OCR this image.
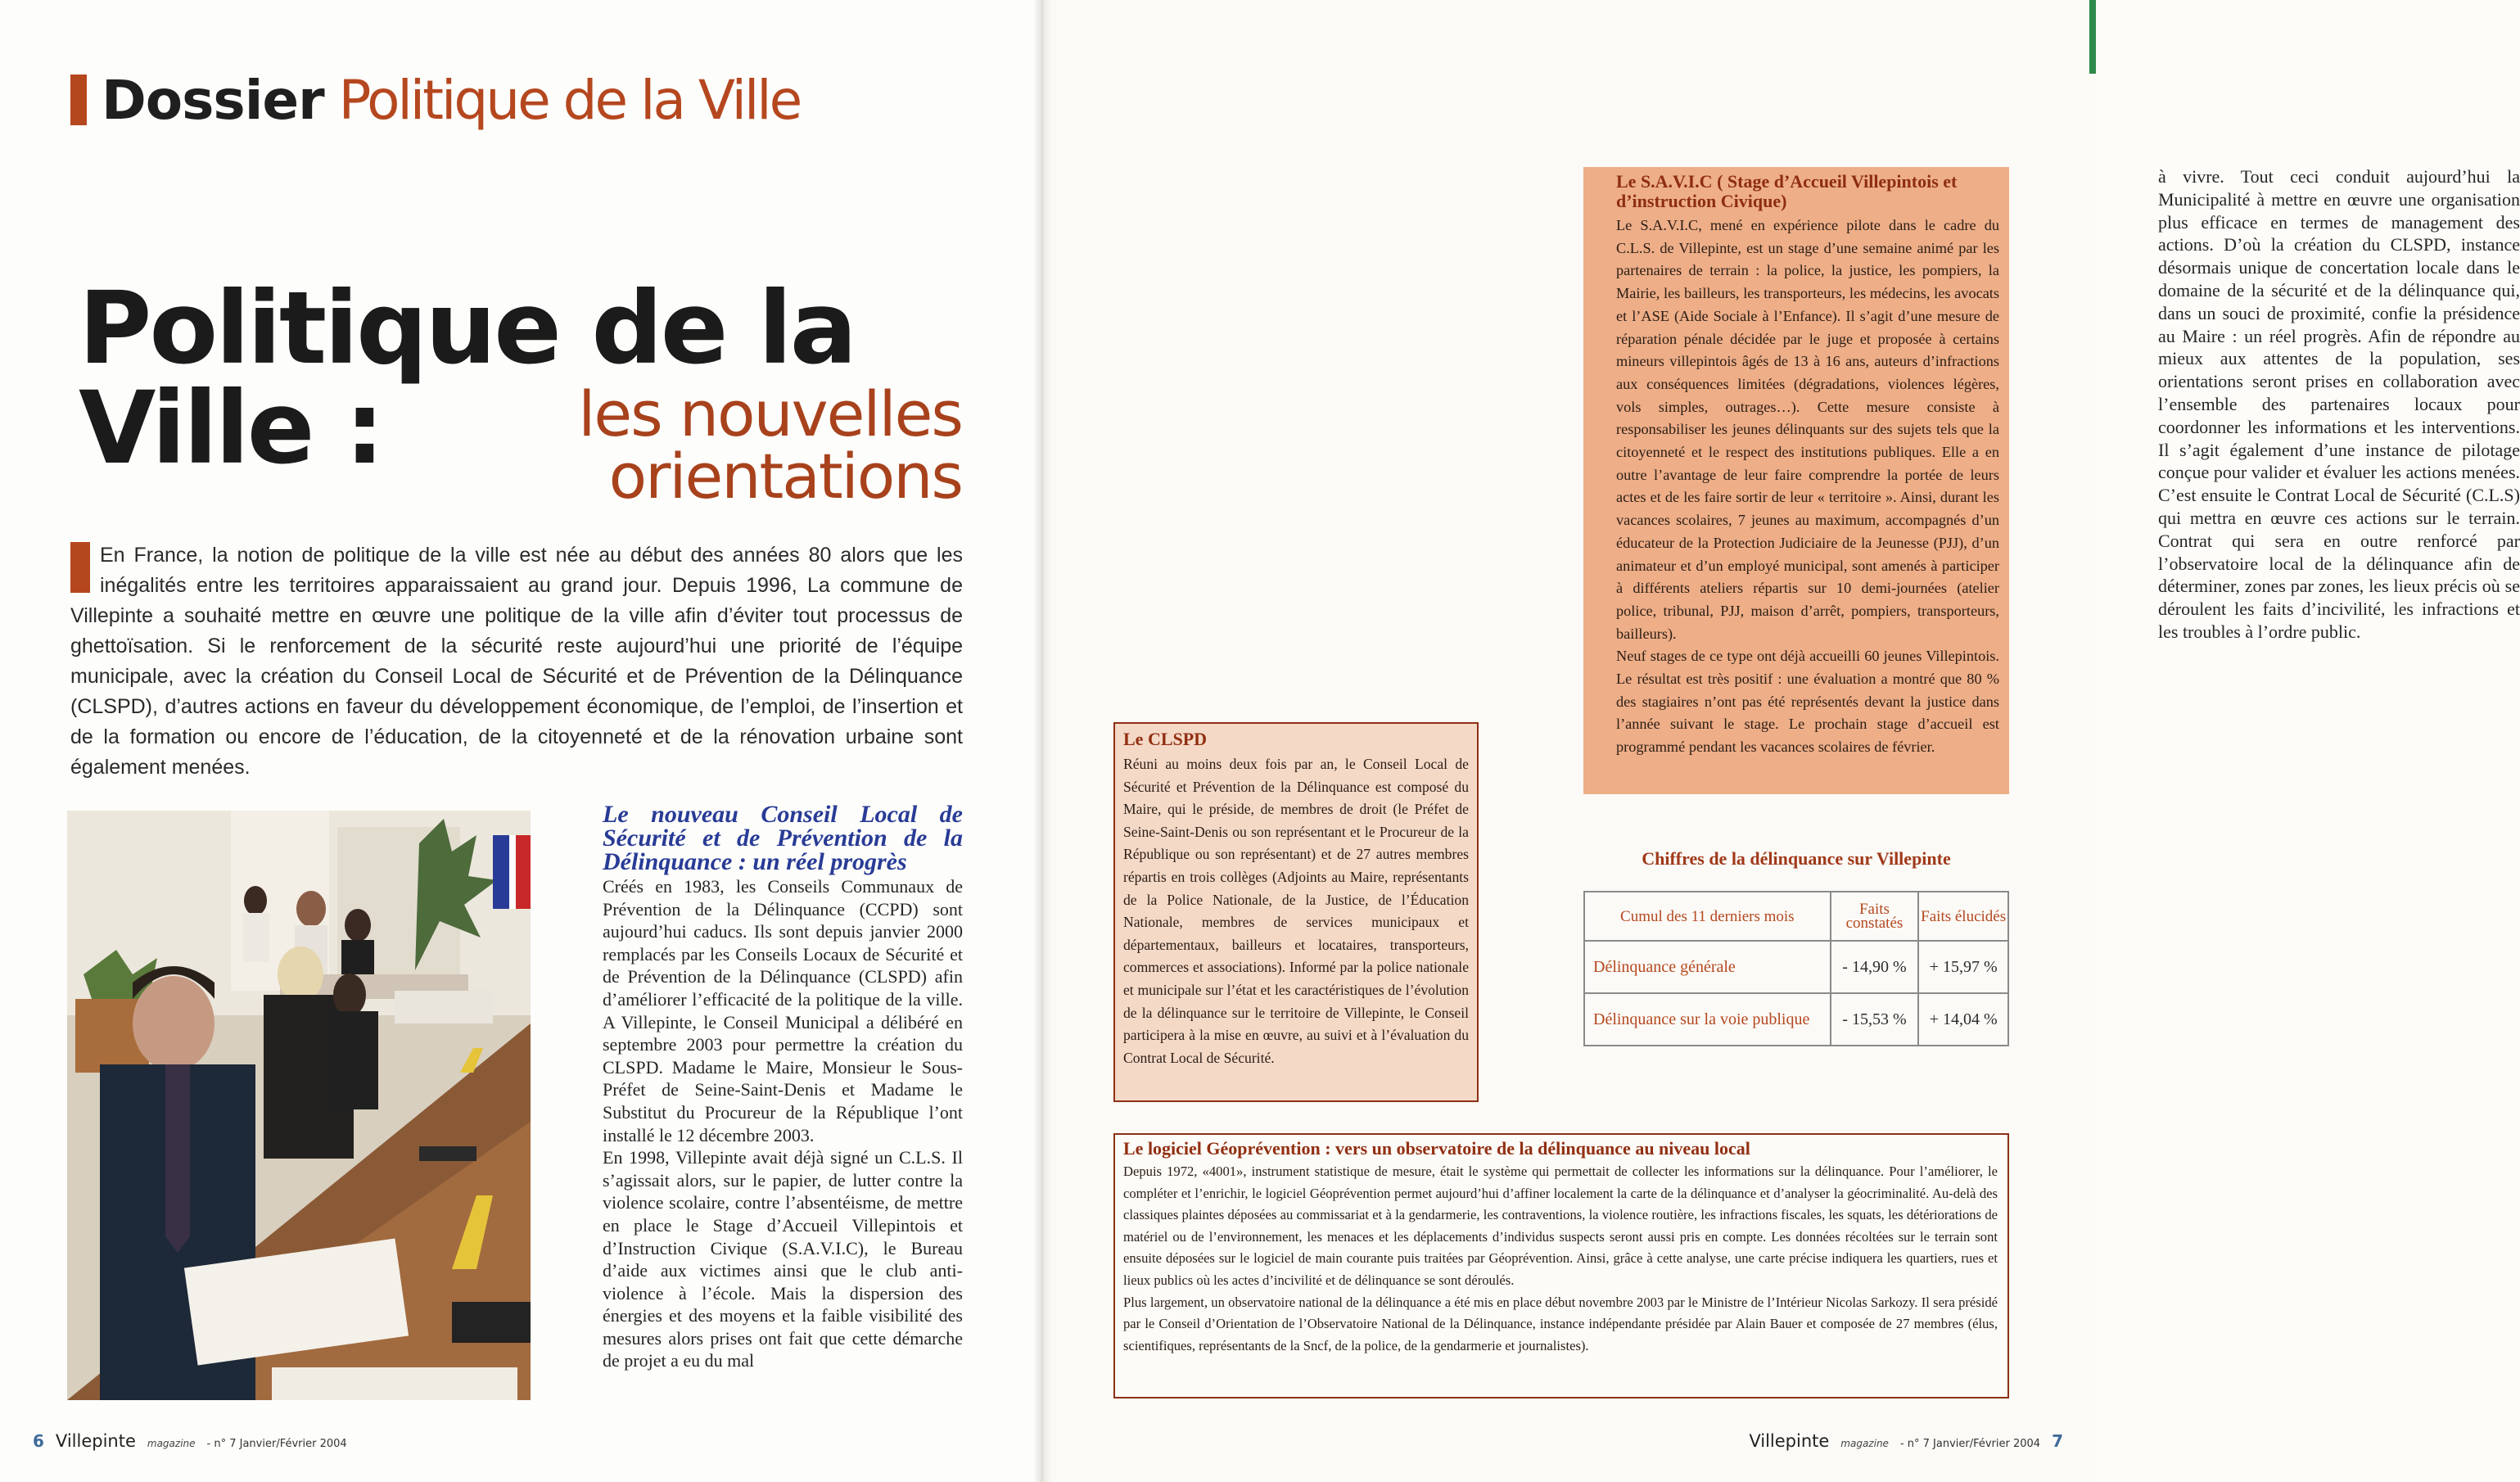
Dossier Politique de la Ville
Politique de la Ville :	les nouvelles orientations

En France, la notion de politique de la ville est née au début des années 80 alors que les inégalités entre les territoires apparaissaient au grand jour. Depuis 1996, La commune de Villepinte a souhaité mettre en œuvre une politique de la ville afin d’éviter tout processus de ghettoïsation. Si le renforcement de la sécurité reste aujourd’hui une priorité de l’équipe municipale, avec la création du Conseil Local de Sécurité et de Prévention de la Délinquance (CLSPD), d’autres actions en faveur du développement économique, de l’emploi, de l’insertion et de la formation ou encore de l’éducation, de la citoyenneté et de la rénovation urbaine sont également menées.

Le nouveau Conseil Local de Sécurité et de Prévention de la Délinquance : un réel progrès

Créés en 1983, les Conseils Communaux de Prévention de la Délinquance (CCPD) sont aujourd’hui caducs. Ils sont depuis janvier 2000 remplacés par les Conseils Locaux de Sécurité et de Prévention de la Délinquance (CLSPD) afin d’améliorer l’efficacité de la politique de la ville. A Villepinte, le Conseil Municipal a délibéré en septembre 2003 pour permettre la création du CLSPD. Madame le Maire, Monsieur le Sous-Préfet de Seine-Saint-Denis et Madame le Substitut du Procureur de la République l’ont installé le 12 décembre 2003.

En 1998, Villepinte avait déjà signé un C.L.S. Il s’agissait alors, sur le papier, de lutter contre la violence scolaire, contre l’absentéisme, de mettre en place le Stage d’Accueil Villepintois et d’Instruction Civique (S.A.V.I.C), le Bureau d’aide aux victimes ainsi que le club anti-violence à l’école. Mais la dispersion des énergies et des moyens et la faible visibilité des mesures alors prises ont fait que cette démarche de projet a eu du mal

6 Villepinte magazine - n° 7 Janvier/Février 2004

à vivre. Tout ceci conduit aujourd’hui la Municipalité à mettre en œuvre une organisation plus efficace en termes de management des actions. D’où la création du CLSPD, instance désormais unique de concertation locale dans le domaine de la sécurité et de la délinquance qui, dans un souci de proximité, confie la présidence au Maire : un réel progrès. Afin de répondre au mieux aux attentes de la population, ses orientations seront prises en collaboration avec l’ensemble des partenaires locaux pour coordonner les informations et les interventions. Il s’agit également d’une instance de pilotage conçue pour valider et évaluer les actions menées. C’est ensuite le Contrat Local de Sécurité (C.L.S) qui mettra en œuvre ces actions sur le terrain. Contrat qui sera en outre renforcé par l’observatoire local de la délinquance afin de déterminer, zones par zones, les lieux précis où se déroulent les faits d’incivilité, les infractions et les troubles à l’ordre public.

Le S.A.V.I.C ( Stage d’Accueil Villepintois et d’instruction Civique)

Le S.A.V.I.C, mené en expérience pilote dans le cadre du C.L.S. de Villepinte, est un stage d’une semaine animé par les partenaires de terrain : la police, la justice, les pompiers, la Mairie, les bailleurs, les transporteurs, les médecins, les avocats et l’ASE (Aide Sociale à l’Enfance). Il s’agit d’une mesure de réparation pénale décidée par le juge et proposée à certains mineurs villepintois âgés de 13 à 16 ans, auteurs d’infractions aux conséquences limitées (dégradations, violences légères, vols simples, outrages…). Cette mesure consiste à responsabiliser les jeunes délinquants sur des sujets tels que la citoyenneté et le respect des institutions publiques. Elle a en outre l’avantage de leur faire comprendre la portée de leurs actes et de les faire sortir de leur « territoire ». Ainsi, durant les vacances scolaires, 7 jeunes au maximum, accompagnés d’un éducateur de la Protection Judiciaire de la Jeunesse (PJJ), d’un animateur et d’un employé municipal, sont amenés à participer à différents ateliers répartis sur 10 demi-journées (atelier police, tribunal, PJJ, maison d’arrêt, pompiers, transporteurs, bailleurs).

Neuf stages de ce type ont déjà accueilli 60 jeunes Villepintois. Le résultat est très positif : une évaluation a montré que 80 % des stagiaires n’ont pas été représentés devant la justice dans l’année suivant le stage. Le prochain stage d’accueil est programmé pendant les vacances scolaires de février.

Le CLSPD

Réuni au moins deux fois par an, le Conseil Local de Sécurité et Prévention de la Délinquance est composé du Maire, qui le préside, de membres de droit (le Préfet de Seine-Saint-Denis ou son représentant et le Procureur de la République ou son représentant) et de 27 autres membres répartis en trois collèges (Adjoints au Maire, représentants de la Police Nationale, de la Justice, de l’Éducation Nationale, membres de services municipaux et départementaux, bailleurs et locataires, transporteurs, commerces et associations). Informé par la police nationale et municipale sur l’état et les caractéristiques de l’évolution de la délinquance sur le territoire de Villepinte, le Conseil participera à la mise en œuvre, au suivi et à l’évaluation du Contrat Local de Sécurité.

Chiffres de la délinquance sur Villepinte
Cumul des 11 derniers mois	Faits constatés	Faits élucidés
Délinquance générale	- 14,90 %	+ 15,97 %
Délinquance sur la voie publique	- 15,53 %	+ 14,04 %
Le logiciel Géoprévention : vers un observatoire de la délinquance au niveau local

Depuis 1972, «4001», instrument statistique de mesure, était le système qui permettait de collecter les informations sur la délinquance. Pour l’améliorer, le compléter et l’enrichir, le logiciel Géoprévention permet aujourd’hui d’affiner localement la carte de la délinquance et d’analyser la géocriminalité. Au-delà des classiques plaintes déposées au commissariat et à la gendarmerie, les contraventions, la violence routière, les infractions fiscales, les squats, les détériorations de matériel ou de l’environnement, les menaces et les déplacements d’individus suspects seront aussi pris en compte. Les données récoltées sur le terrain sont ensuite déposées sur le logiciel de main courante puis traitées par Géoprévention. Ainsi, grâce à cette analyse, une carte précise indiquera les quartiers, rues et lieux publics où les actes d’incivilité et de délinquance se sont déroulés.

Plus largement, un observatoire national de la délinquance a été mis en place début novembre 2003 par le Ministre de l’Intérieur Nicolas Sarkozy. Il sera présidé par le Conseil d’Orientation de l’Observatoire National de la Délinquance, instance indépendante présidée par Alain Bauer et composée de 27 membres (élus, scientifiques, représentants de la Sncf, de la police, de la gendarmerie et journalistes).

Villepinte magazine - n° 7 Janvier/Février 2004 7
